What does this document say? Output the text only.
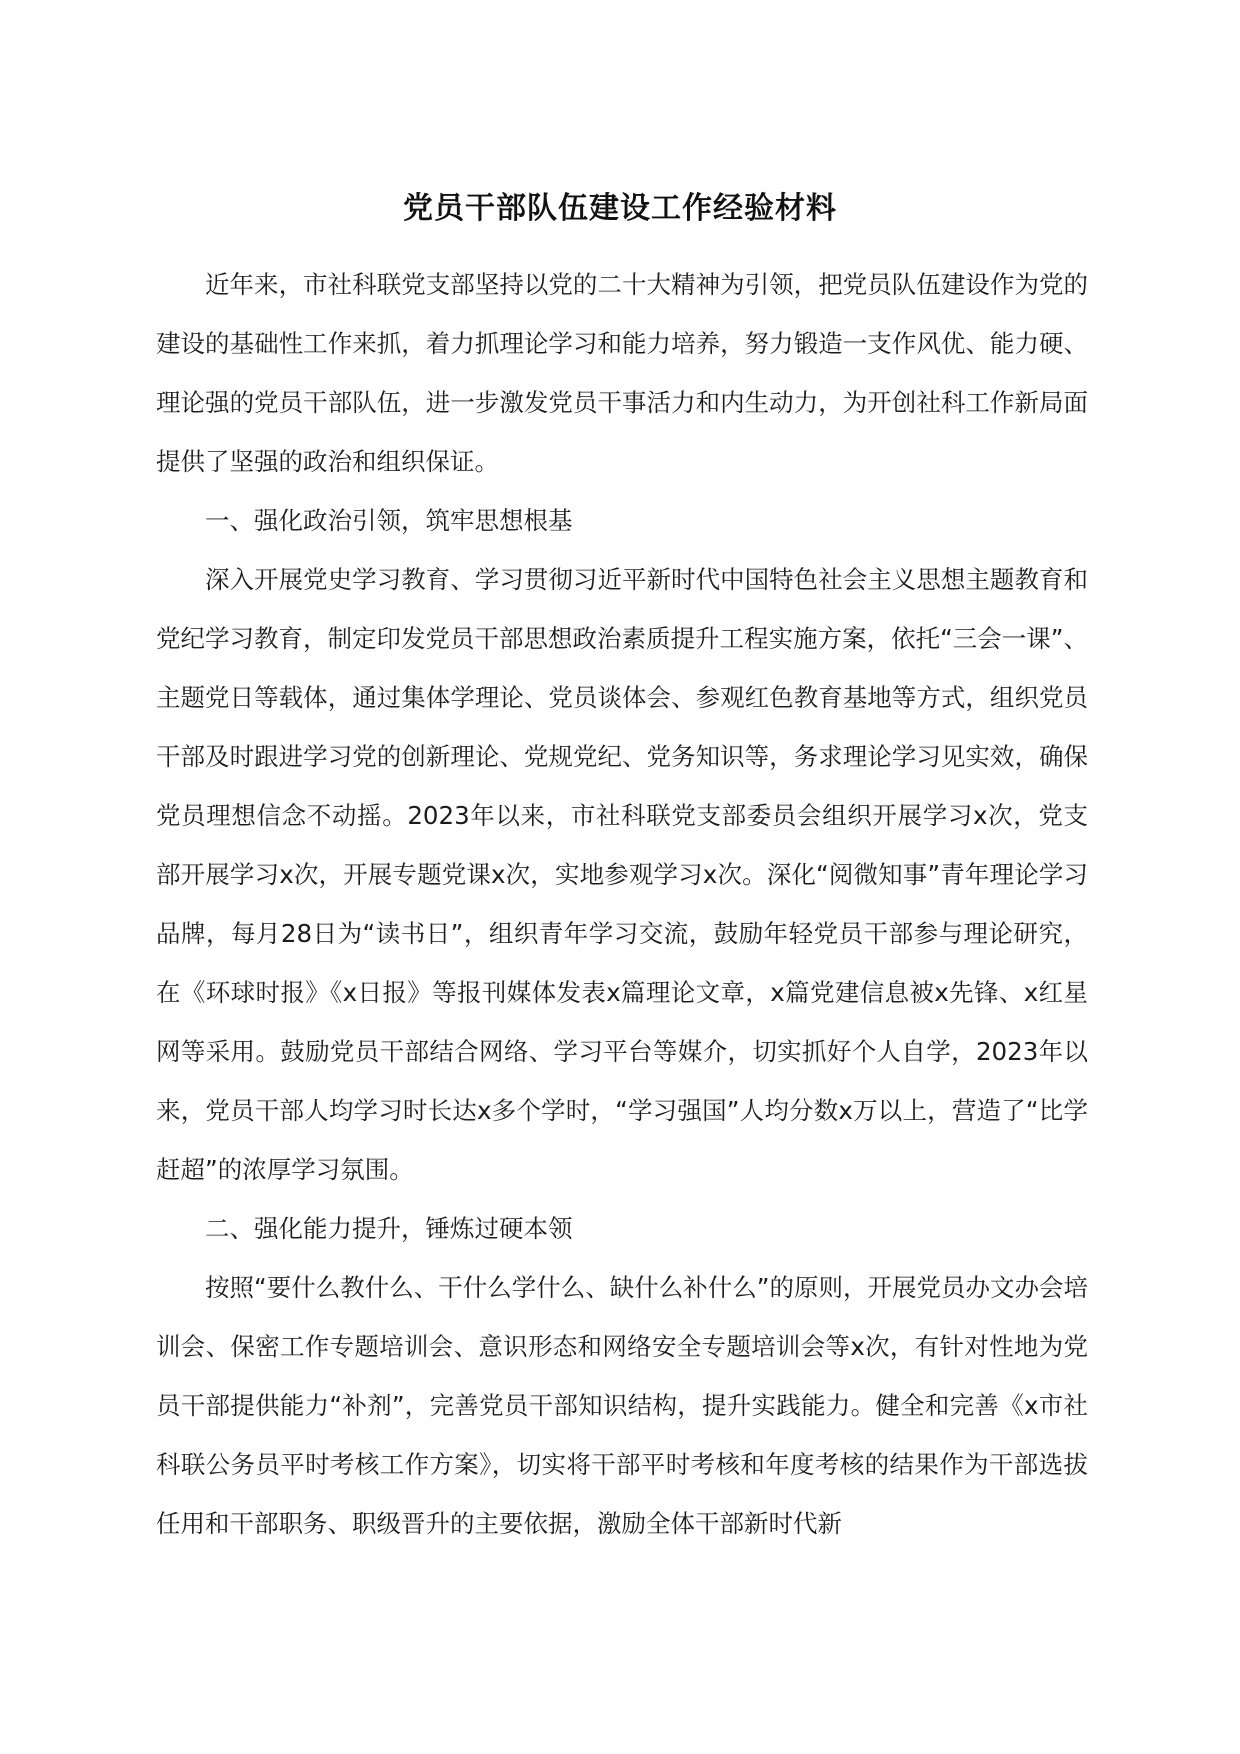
党员干部队伍建设工作经验材料

近年来，市社科联党支部坚持以党的二十大精神为引领，把党员队伍建设作为党的建设的基础性工作来抓，着力抓理论学习和能力培养，努力锻造一支作风优、能力硬、理论强的党员干部队伍，进一步激发党员干事活力和内生动力，为开创社科工作新局面提供了坚强的政治和组织保证。

一、强化政治引领，筑牢思想根基

深入开展党史学习教育、学习贯彻习近平新时代中国特色社会主义思想主题教育和党纪学习教育，制定印发党员干部思想政治素质提升工程实施方案，依托“三会一课”、主题党日等载体，通过集体学理论、党员谈体会、参观红色教育基地等方式，组织党员干部及时跟进学习党的创新理论、党规党纪、党务知识等，务求理论学习见实效，确保党员理想信念不动摇。2023年以来，市社科联党支部委员会组织开展学习x次，党支部开展学习x次，开展专题党课x次，实地参观学习x次。深化“阅微知事”青年理论学习品牌，每月28日为“读书日”，组织青年学习交流，鼓励年轻党员干部参与理论研究，在《环球时报》《x日报》等报刊媒体发表x篇理论文章，x篇党建信息被x先锋、x红星网等采用。鼓励党员干部结合网络、学习平台等媒介，切实抓好个人自学，2023年以来，党员干部人均学习时长达x多个学时，“学习强国”人均分数x万以上，营造了“比学赶超”的浓厚学习氛围。

二、强化能力提升，锤炼过硬本领

按照“要什么教什么、干什么学什么、缺什么补什么”的原则，开展党员办文办会培训会、保密工作专题培训会、意识形态和网络安全专题培训会等x次，有针对性地为党员干部提供能力“补剂”，完善党员干部知识结构，提升实践能力。健全和完善《x市社科联公务员平时考核工作方案》，切实将干部平时考核和年度考核的结果作为干部选拔任用和干部职务、职级晋升的主要依据，激励全体干部新时代新
